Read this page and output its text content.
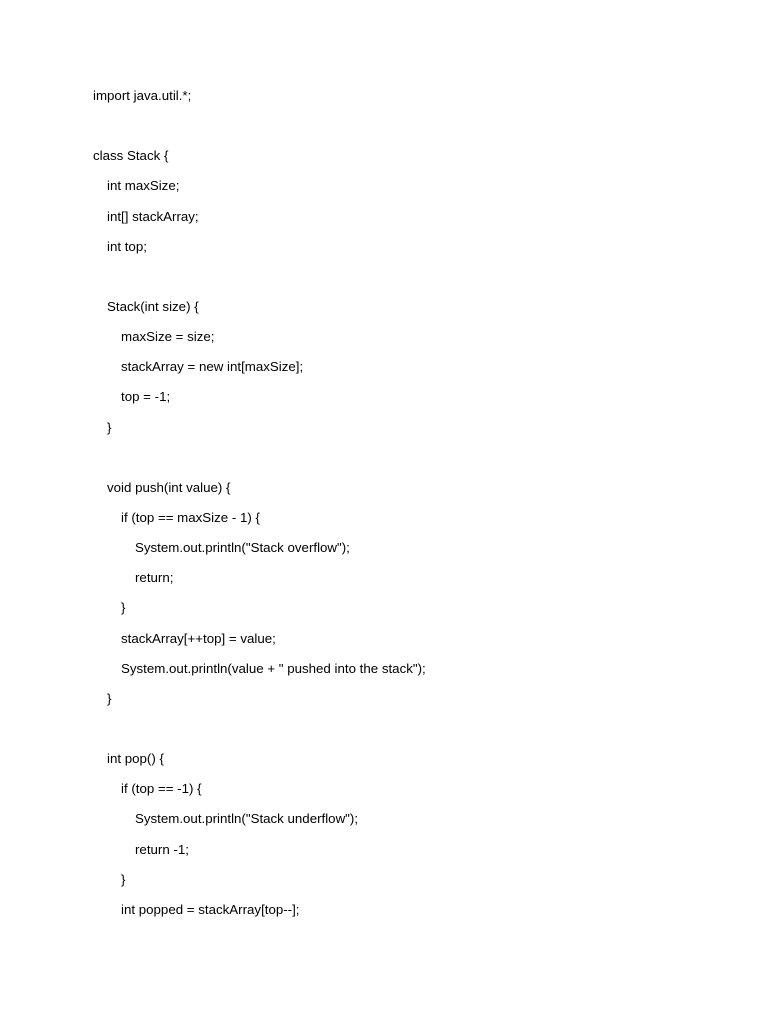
import java.util.*;
class Stack {
int maxSize;
int[] stackArray;
int top;
Stack(int size) {
maxSize = size;
stackArray = new int[maxSize];
top = -1;
}
void push(int value) {
if (top == maxSize - 1) {
System.out.println("Stack overflow");
return;
}
stackArray[++top] = value;
System.out.println(value + " pushed into the stack");
}
int pop() {
if (top == -1) {
System.out.println("Stack underflow");
return -1;
}
int popped = stackArray[top--];
